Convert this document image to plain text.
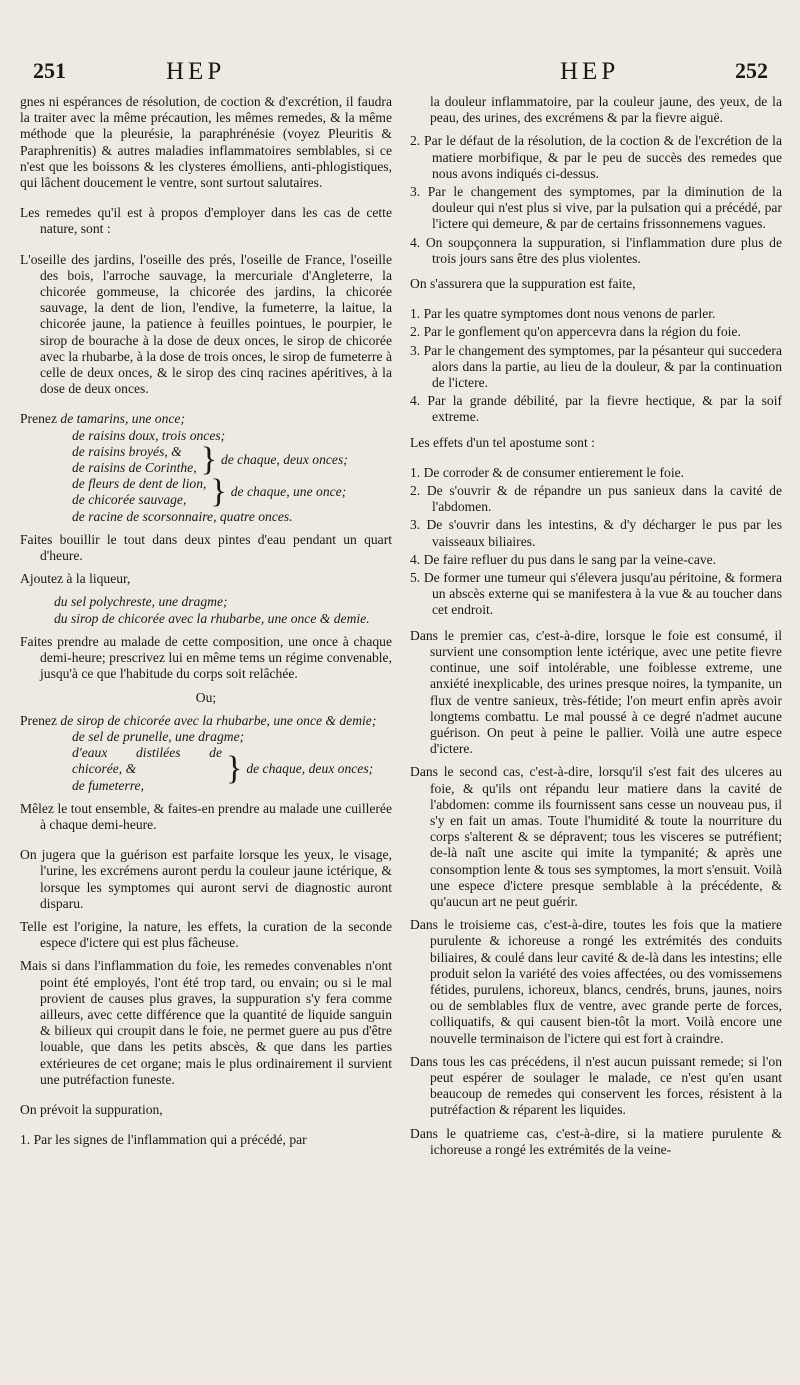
251	HEP	HEP	252

gnes ni espérances de résolution, de coction & d'excrétion, il faudra la traiter avec la même précaution, les mêmes remedes, & la même méthode que la pleurésie, la paraphrénésie (voyez Pleuritis & Paraphrenitis) & autres maladies inflammatoires semblables, si ce n'est que les boissons & les clysteres émolliens, anti-phlogistiques, qui lâchent doucement le ventre, sont surtout salutaires.

Les remedes qu'il est à propos d'employer dans les cas de cette nature, sont :

L'oseille des jardins, l'oseille des prés, l'oseille de France, l'oseille des bois, l'arroche sauvage, la mercuriale d'Angleterre, la chicorée gommeuse, la chicorée des jardins, la chicorée sauvage, la dent de lion, l'endive, la fumeterre, la laitue, la chicorée jaune, la patience à feuilles pointues, le pourpier, le sirop de bourache à la dose de deux onces, le sirop de chicorée avec la rhubarbe, à la dose de trois onces, le sirop de fumeterre à celle de deux onces, & le sirop des cinq racines apéritives, à la dose de deux onces.

Prenez de tamarins, une once;
de raisins doux, trois onces;
de raisins broyés, &
de raisins de Corinthe, } de chaque, deux onces;
de fleurs de dent de lion,
de chicorée sauvage, } de chaque, une once;
de racine de scorsonnaire, quatre onces.

Faites bouillir le tout dans deux pintes d'eau pendant un quart d'heure.

Ajoutez à la liqueur,

du sel polychreste, une dragme;
du sirop de chicorée avec la rhubarbe, une once & demie.

Faites prendre au malade de cette composition, une once à chaque demi-heure; prescrivez lui en même tems un régime convenable, jusqu'à ce que l'habitude du corps soit relâchée.

Ou;

Prenez de sirop de chicorée avec la rhubarbe, une once & demie;
de sel de prunelle, une dragme;
d'eaux distilées de chicorée, &
de fumeterre,	} de chaque, deux onces;

Mêlez le tout ensemble, & faites-en prendre au malade une cuillerée à chaque demi-heure.

On jugera que la guérison est parfaite lorsque les yeux, le visage, l'urine, les excrémens auront perdu la couleur jaune ictérique, & lorsque les symptomes qui auront servi de diagnostic auront disparu.

Telle est l'origine, la nature, les effets, la curation de la seconde espece d'ictere qui est plus fâcheuse.

Mais si dans l'inflammation du foie, les remedes convenables n'ont point été employés, l'ont été trop tard, ou envain; ou si le mal provient de causes plus graves, la suppuration s'y fera comme ailleurs, avec cette différence que la quantité de liquide sanguin & bilieux qui croupit dans le foie, ne permet guere au pus d'être louable, que dans les petits abscès, & que dans les parties extérieures de cet organe; mais le plus ordinairement il survient une putréfaction funeste.

On prévoit la suppuration,

1. Par les signes de l'inflammation qui a précédé, par

la douleur inflammatoire, par la couleur jaune, des yeux, de la peau, des urines, des excrémens & par la fievre aiguë.

2. Par le défaut de la résolution, de la coction & de l'excrétion de la matiere morbifique, & par le peu de succès des remedes que nous avons indiqués ci-dessus.

3. Par le changement des symptomes, par la diminution de la douleur qui n'est plus si vive, par la pulsation qui a précédé, par l'ictere qui demeure, & par de certains frissonnemens vagues.

4. On soupçonnera la suppuration, si l'inflammation dure plus de trois jours sans être des plus violentes.

On s'assurera que la suppuration est faite,

1. Par les quatre symptomes dont nous venons de parler.

2. Par le gonflement qu'on appercevra dans la région du foie.

3. Par le changement des symptomes, par la pésanteur qui succedera alors dans la partie, au lieu de la douleur, & par la continuation de l'ictere.

4. Par la grande débilité, par la fievre hectique, & par la soif extreme.

Les effets d'un tel apostume sont :

1. De corroder & de consumer entierement le foie.

2. De s'ouvrir & de répandre un pus sanieux dans la cavité de l'abdomen.

3. De s'ouvrir dans les intestins, & d'y décharger le pus par les vaisseaux biliaires.

4. De faire refluer du pus dans le sang par la veine-cave.

5. De former une tumeur qui s'élevera jusqu'au péritoine, & formera un abscès externe qui se manifestera à la vue & au toucher dans cet endroit.

Dans le premier cas, c'est-à-dire, lorsque le foie est consumé, il survient une consomption lente ictérique, avec une petite fievre continue, une soif intolérable, une foiblesse extreme, une anxiété inexplicable, des urines presque noires, la tympanite, un flux de ventre sanieux, très-fétide; l'on meurt enfin après avoir longtems combattu. Le mal poussé à ce degré n'admet aucune guérison. On peut à peine le pallier. Voilà une autre espece d'ictere.

Dans le second cas, c'est-à-dire, lorsqu'il s'est fait des ulceres au foie, & qu'ils ont répandu leur matiere dans la cavité de l'abdomen: comme ils fournissent sans cesse un nouveau pus, il s'y en fait un amas. Toute l'humidité & toute la nourriture du corps s'alterent & se dépravent; tous les visceres se putréfient; de-là naît une ascite qui imite la tympanité; & après une consomption lente & tous ses symptomes, la mort s'ensuit. Voilà une espece d'ictere presque semblable à la précédente, & qu'aucun art ne peut guérir.

Dans le troisieme cas, c'est-à-dire, toutes les fois que la matiere purulente & ichoreuse a rongé les extrémités des conduits biliaires, & coulé dans leur cavité & de-là dans les intestins; elle produit selon la variété des voies affectées, ou des vomissemens fétides, purulens, ichoreux, blancs, cendrés, bruns, jaunes, noirs ou de semblables flux de ventre, avec grande perte de forces, colliquatifs, & qui causent bien-tôt la mort. Voilà encore une nouvelle terminaison de l'ictere qui est fort à craindre.

Dans tous les cas précédens, il n'est aucun puissant remede; si l'on peut espérer de soulager le malade, ce n'est qu'en usant beaucoup de remedes qui conservent les forces, résistent à la putréfaction & réparent les liquides.

Dans le quatrieme cas, c'est-à-dire, si la matiere purulente & ichoreuse a rongé les extrémités de la veine-
